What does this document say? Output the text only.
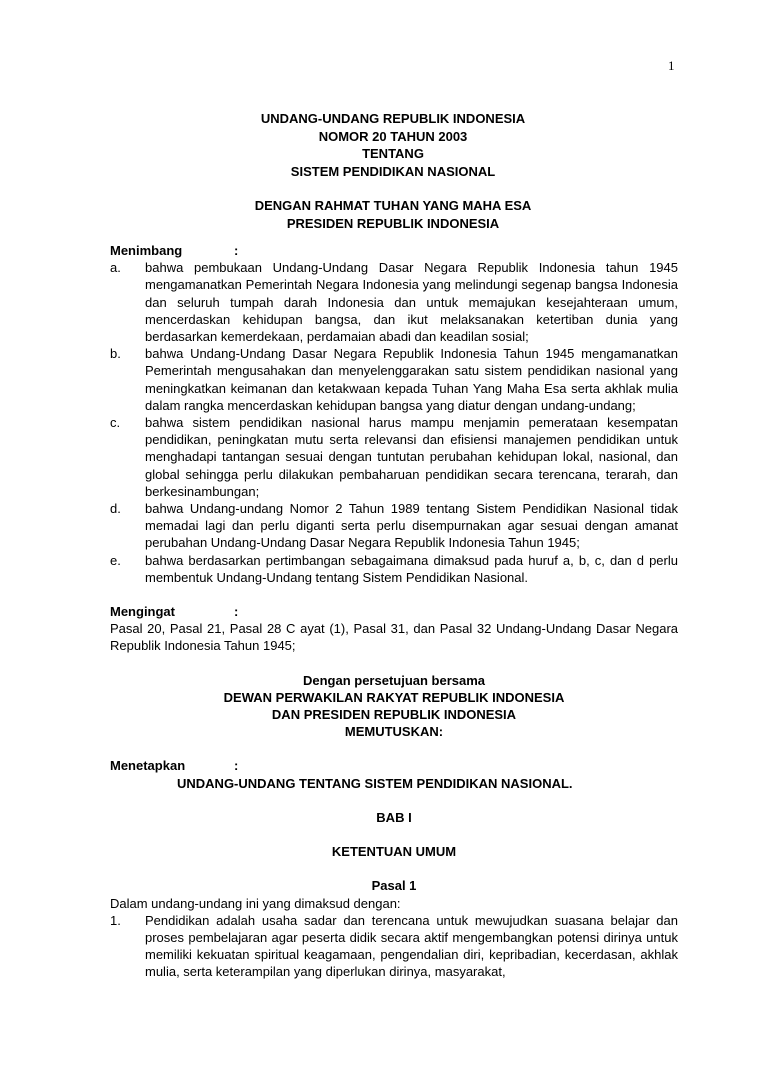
1
UNDANG-UNDANG REPUBLIK INDONESIA
NOMOR 20 TAHUN 2003
TENTANG
SISTEM PENDIDIKAN NASIONAL
DENGAN RAHMAT TUHAN YANG MAHA ESA
PRESIDEN REPUBLIK INDONESIA
Menimbang	:
a.	bahwa pembukaan Undang-Undang Dasar Negara Republik Indonesia tahun 1945 mengamanatkan Pemerintah Negara Indonesia yang melindungi segenap bangsa Indonesia dan seluruh tumpah darah Indonesia dan untuk memajukan kesejahteraan umum, mencerdaskan kehidupan bangsa, dan ikut melaksanakan ketertiban dunia yang berdasarkan kemerdekaan, perdamaian abadi dan keadilan sosial;
b.	bahwa Undang-Undang Dasar Negara Republik Indonesia Tahun 1945 mengamanatkan Pemerintah mengusahakan dan menyelenggarakan satu sistem pendidikan nasional yang meningkatkan keimanan dan ketakwaan kepada Tuhan Yang Maha Esa serta akhlak mulia dalam rangka mencerdaskan kehidupan bangsa yang diatur dengan undang-undang;
c.	bahwa sistem pendidikan nasional harus mampu menjamin pemerataan kesempatan pendidikan, peningkatan mutu serta relevansi dan efisiensi manajemen pendidikan untuk menghadapi tantangan sesuai dengan tuntutan perubahan kehidupan lokal, nasional, dan global sehingga perlu dilakukan pembaharuan pendidikan secara terencana, terarah, dan berkesinambungan;
d.	bahwa Undang-undang Nomor 2 Tahun 1989 tentang Sistem Pendidikan Nasional tidak memadai lagi dan perlu diganti serta perlu disempurnakan agar sesuai dengan amanat perubahan Undang-Undang Dasar Negara Republik Indonesia Tahun 1945;
e.	bahwa berdasarkan pertimbangan sebagaimana dimaksud pada huruf a, b, c, dan d perlu membentuk Undang-Undang tentang Sistem Pendidikan Nasional.
Mengingat	:
Pasal 20, Pasal 21, Pasal 28 C ayat (1), Pasal 31, dan Pasal 32 Undang-Undang Dasar Negara Republik Indonesia Tahun 1945;
Dengan persetujuan bersama
DEWAN PERWAKILAN RAKYAT REPUBLIK INDONESIA
DAN PRESIDEN REPUBLIK INDONESIA
MEMUTUSKAN:
Menetapkan	:
UNDANG-UNDANG TENTANG SISTEM PENDIDIKAN NASIONAL.
BAB I
KETENTUAN UMUM
Pasal 1
Dalam undang-undang ini yang dimaksud dengan:
1.	Pendidikan adalah usaha sadar dan terencana untuk mewujudkan suasana belajar dan proses pembelajaran agar peserta didik secara aktif mengembangkan potensi dirinya untuk memiliki kekuatan spiritual keagamaan, pengendalian diri, kepribadian, kecerdasan, akhlak mulia, serta keterampilan yang diperlukan dirinya, masyarakat,
